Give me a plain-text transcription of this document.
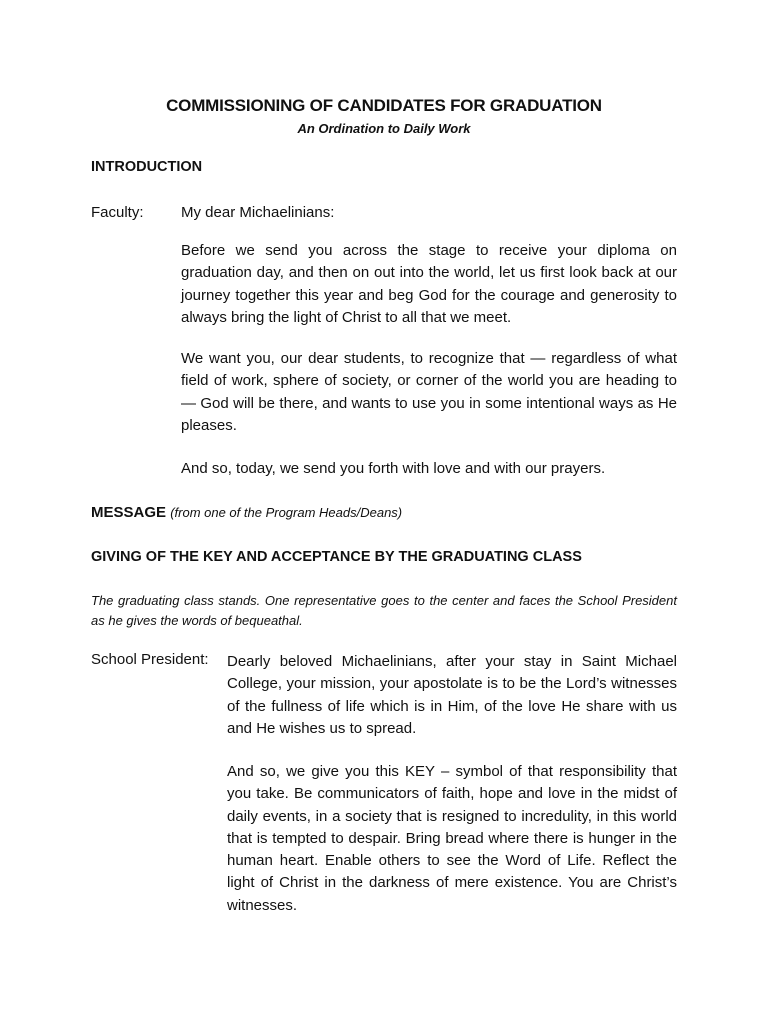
COMMISSIONING OF CANDIDATES FOR GRADUATION
An Ordination to Daily Work
INTRODUCTION
Faculty: My dear Michaelinians:
Before we send you across the stage to receive your diploma on graduation day, and then on out into the world, let us first look back at our journey together this year and beg God for the courage and generosity to always bring the light of Christ to all that we meet.
We want you, our dear students, to recognize that — regardless of what field of work, sphere of society, or corner of the world you are heading to — God will be there, and wants to use you in some intentional ways as He pleases.
And so, today, we send you forth with love and with our prayers.
MESSAGE (from one of the Program Heads/Deans)
GIVING OF THE KEY AND ACCEPTANCE BY THE GRADUATING CLASS
The graduating class stands. One representative goes to the center and faces the School President as he gives the words of bequeathal.
School President: Dearly beloved Michaelinians, after your stay in Saint Michael College, your mission, your apostolate is to be the Lord’s witnesses of the fullness of life which is in Him, of the love He share with us and He wishes us to spread.
And so, we give you this KEY – symbol of that responsibility that you take. Be communicators of faith, hope and love in the midst of daily events, in a society that is resigned to incredulity, in this world that is tempted to despair. Bring bread where there is hunger in the human heart. Enable others to see the Word of Life. Reflect the light of Christ in the darkness of mere existence. You are Christ’s witnesses.
